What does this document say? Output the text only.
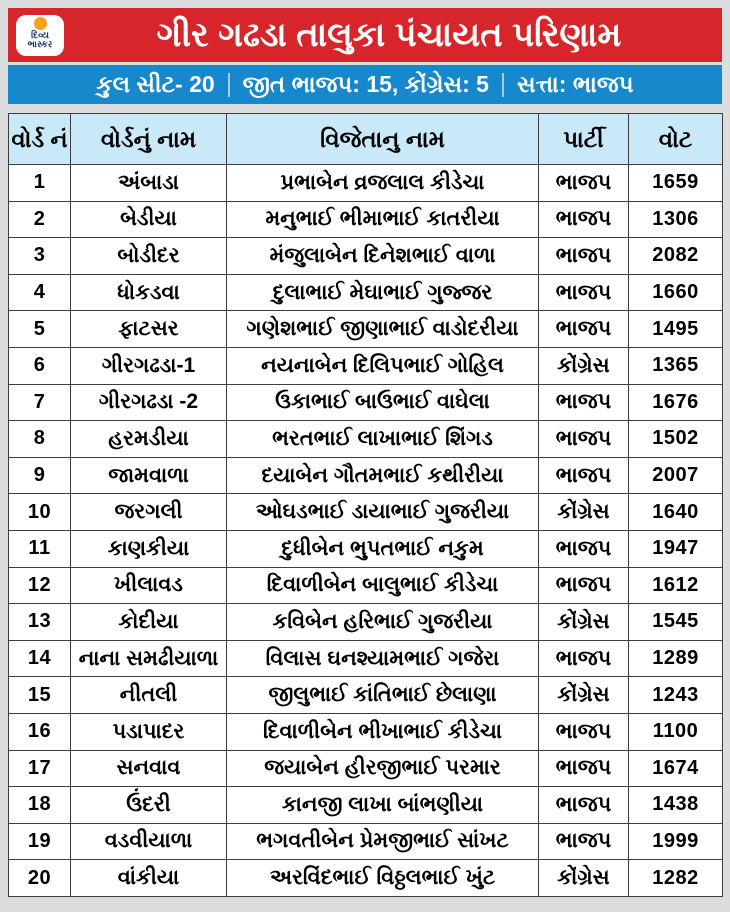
દિવ્ય
ભાસ્કર	ગીર ગઢડા તાલુકા પંચાયત પરિણામ
કુલ સીટ- 20 જીત ભાજપ: 15, કોંગ્રેસ: 5 સત્તા: ભાજપ
વોર્ડ નં	વોર્ડનું નામ	વિજેતાનુ નામ	પાર્ટી	વોટ
1	અંબાડા	પ્રભાબેન વ્રજલાલ કીડેચા	ભાજપ	1659
2	બેડીયા	મનુભાઈ ભીમાભાઈ કાતરીયા	ભાજપ	1306
3	બોડીદર	મંજુલાબેન દિનેશભાઈ વાળા	ભાજપ	2082
4	ધોકડવા	દુલાભાઈ મેઘાભાઈ ગુજ્જર	ભાજપ	1660
5	ફાટસર	ગણેશભાઈ જીણાભાઈ વાડોદરીયા	ભાજપ	1495
6	ગીરગઢડા-1	નયનાબેન દિલિપભાઈ ગોહિલ	કોંગ્રેસ	1365
7	ગીરગઢડા -2	ઉકાભાઈ બાઉભાઈ વાઘેલા	ભાજપ	1676
8	હરમડીયા	ભરતભાઈ લાખાભાઈ શિંગડ	ભાજપ	1502
9	જામવાળા	દયાબેન ગૌતમભાઈ કથીરીયા	ભાજપ	2007
10	જરગલી	ઓઘડભાઈ ડાયાભાઈ ગુજરીયા	કોંગ્રેસ	1640
11	કાણકીયા	દુધીબેન ભુપતભાઈ નકુમ	ભાજપ	1947
12	ખીલાવડ	દિવાળીબેન બાલુભાઈ કીડેચા	ભાજપ	1612
13	કોદીયા	કવિબેન હરિભાઈ ગુજરીયા	કોંગ્રેસ	1545
14	નાના સમઢીયાળા	વિલાસ ઘનશ્યામભાઈ ગજેરા	ભાજપ	1289
15	નીતલી	જીલુભાઈ કાંતિભાઈ છેલાણા	કોંગ્રેસ	1243
16	પડાપાદર	દિવાળીબેન ભીખાભાઈ કીડેચા	ભાજપ	1100
17	સનવાવ	જયાબેન હીરજીભાઈ પરમાર	ભાજપ	1674
18	ઉંદરી	કાનજી લાખા બાંભણીયા	ભાજપ	1438
19	વડવીયાળા	ભગવતીબેન પ્રેમજીભાઈ સાંખટ	ભાજપ	1999
20	વાંકીયા	અરવિંદભાઈ વિઠ્ઠલભાઈ ખુંટ	કોંગ્રેસ	1282
